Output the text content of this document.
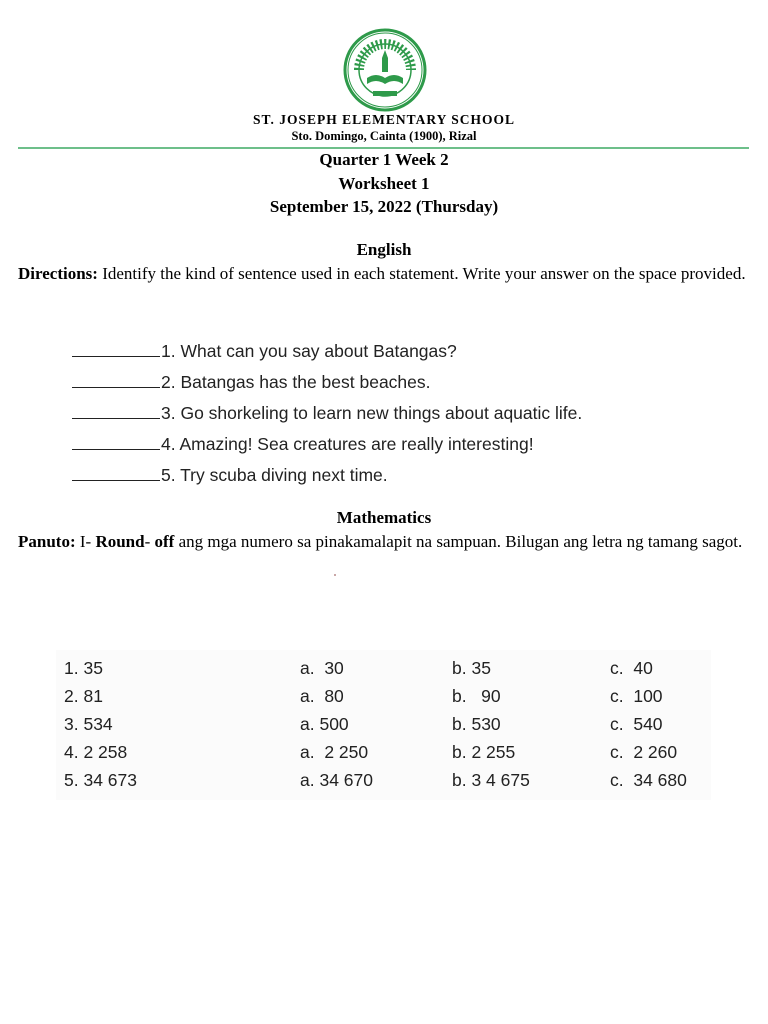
ST. JOSEPH ELEMENTARY SCHOOL
Sto. Domingo, Cainta (1900), Rizal
Quarter 1 Week 2
Worksheet 1
September 15, 2022 (Thursday)
English
Directions: Identify the kind of sentence used in each statement. Write your answer on the space provided.
1. What can you say about Batangas?
2. Batangas has the best beaches.
3. Go shorkeling to learn new things about aquatic life.
4. Amazing! Sea creatures are really interesting!
5. Try scuba diving next time.
Mathematics
Panuto: I- Round- off ang mga numero sa pinakamalapit na sampuan. Bilugan ang letra ng tamang sagot.
1. 35	a.  30	b. 35	c.  40
2. 81	a.  80	b.   90	c.  100
3. 534	a. 500	b. 530	c.  540
4. 2 258	a.  2 250	b. 2 255	c.  2 260
5. 34 673	a. 34 670	b. 3 4 675	c.  34 680
